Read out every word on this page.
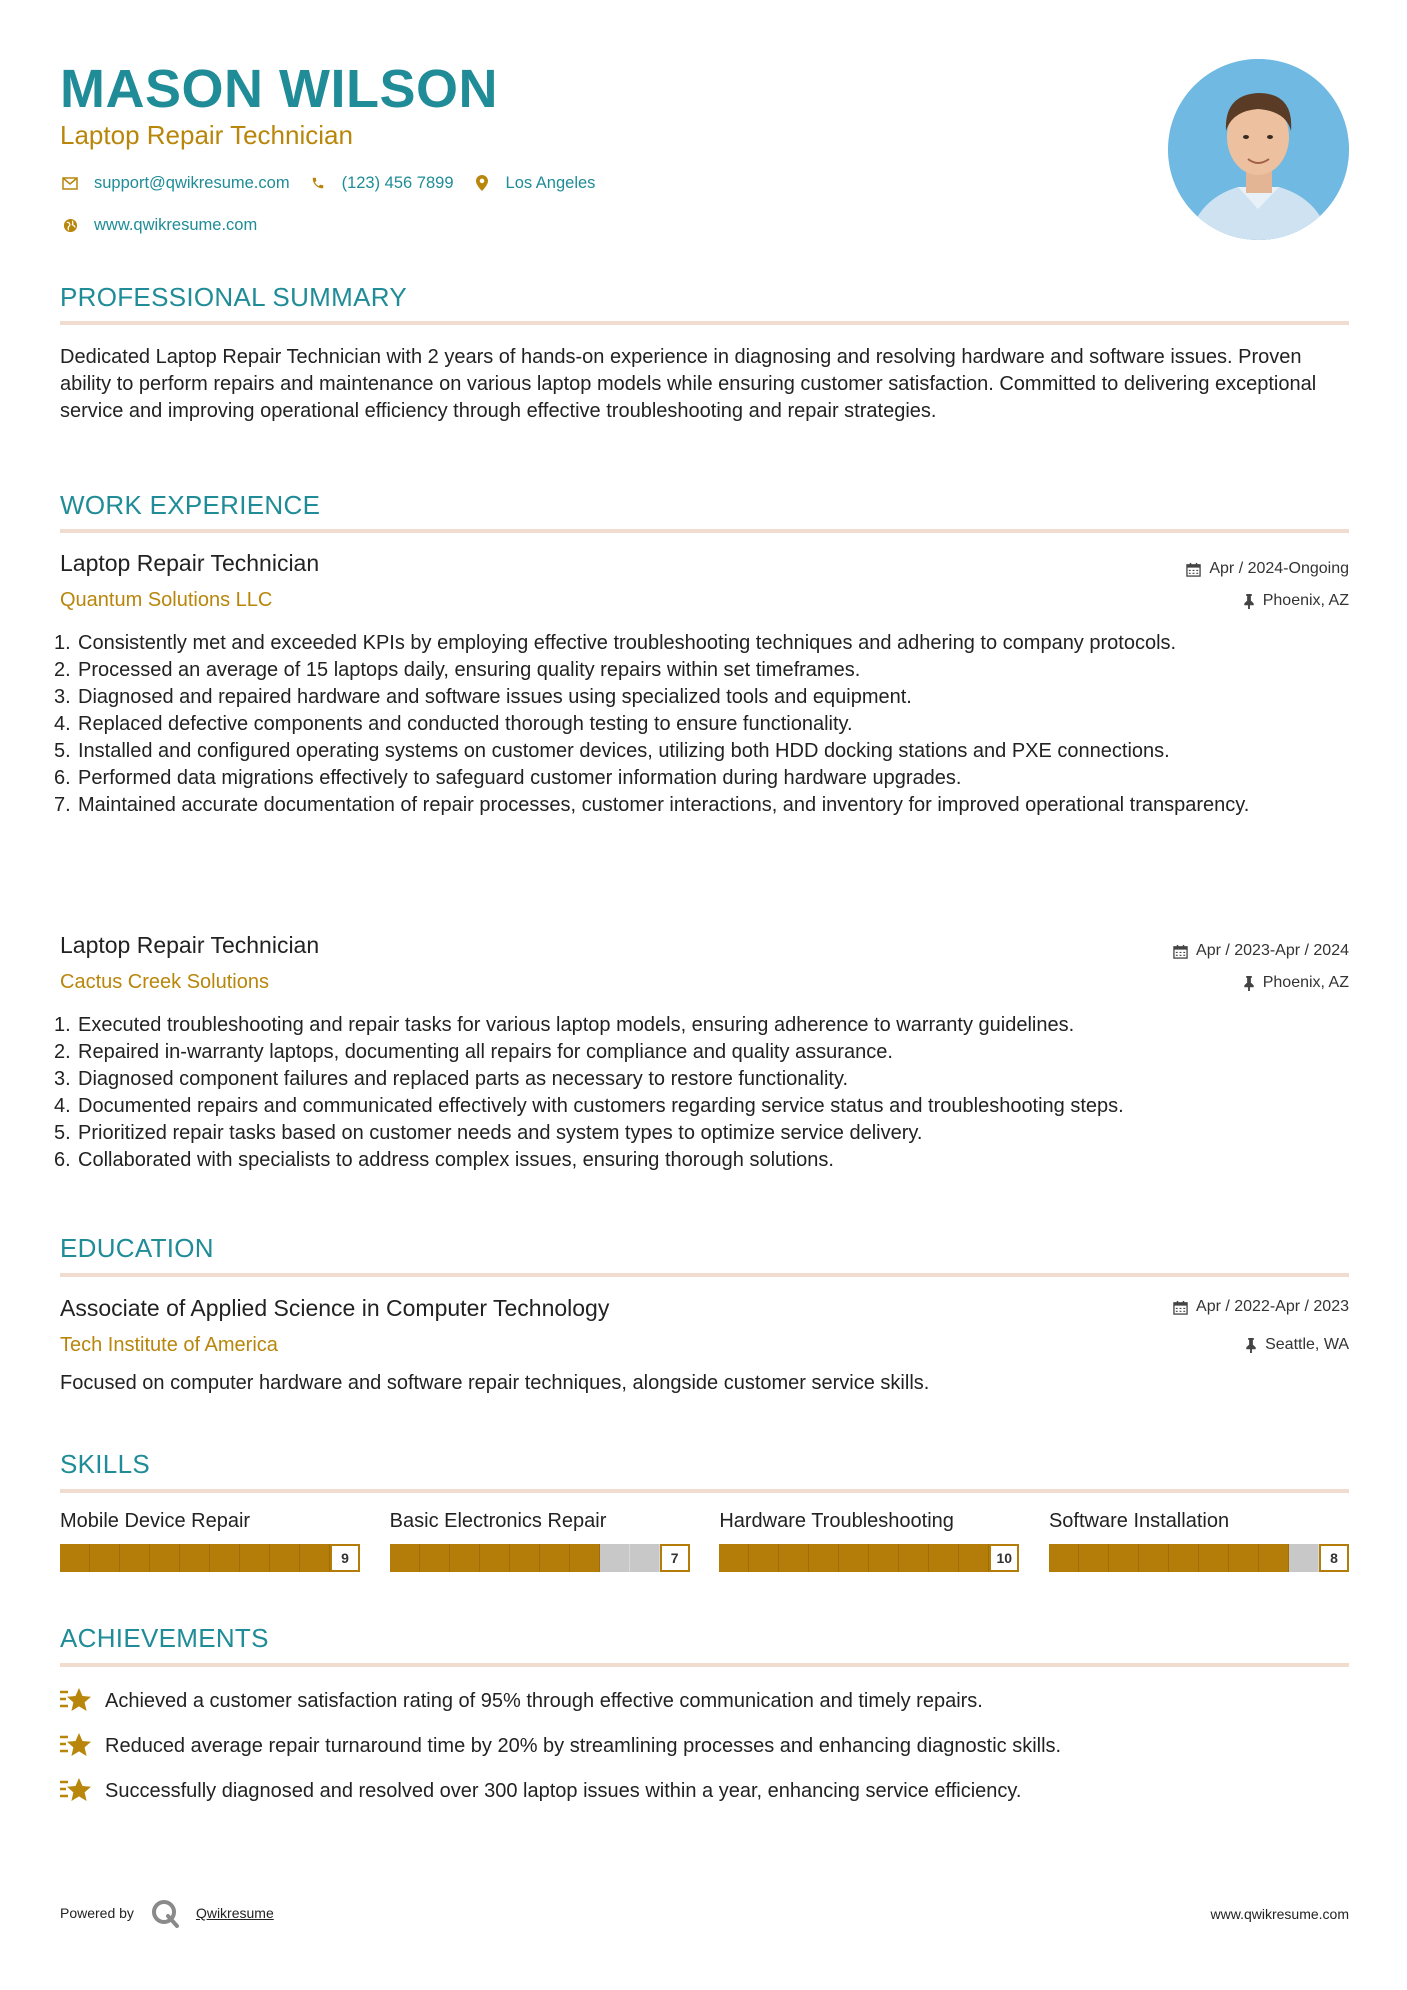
MASON WILSON
Laptop Repair Technician
support@qwikresume.com	(123) 456 7899	Los Angeles
www.qwikresume.com
PROFESSIONAL SUMMARY
Dedicated Laptop Repair Technician with 2 years of hands-on experience in diagnosing and resolving hardware and software issues. Proven ability to perform repairs and maintenance on various laptop models while ensuring customer satisfaction. Committed to delivering exceptional service and improving operational efficiency through effective troubleshooting and repair strategies.
WORK EXPERIENCE
Laptop Repair Technician	Apr / 2024-Ongoing
Quantum Solutions LLC	Phoenix, AZ
1. Consistently met and exceeded KPIs by employing effective troubleshooting techniques and adhering to company protocols.
2. Processed an average of 15 laptops daily, ensuring quality repairs within set timeframes.
3. Diagnosed and repaired hardware and software issues using specialized tools and equipment.
4. Replaced defective components and conducted thorough testing to ensure functionality.
5. Installed and configured operating systems on customer devices, utilizing both HDD docking stations and PXE connections.
6. Performed data migrations effectively to safeguard customer information during hardware upgrades.
7. Maintained accurate documentation of repair processes, customer interactions, and inventory for improved operational transparency.
Laptop Repair Technician	Apr / 2023-Apr / 2024
Cactus Creek Solutions	Phoenix, AZ
1. Executed troubleshooting and repair tasks for various laptop models, ensuring adherence to warranty guidelines.
2. Repaired in-warranty laptops, documenting all repairs for compliance and quality assurance.
3. Diagnosed component failures and replaced parts as necessary to restore functionality.
4. Documented repairs and communicated effectively with customers regarding service status and troubleshooting steps.
5. Prioritized repair tasks based on customer needs and system types to optimize service delivery.
6. Collaborated with specialists to address complex issues, ensuring thorough solutions.
EDUCATION
Associate of Applied Science in Computer Technology	Apr / 2022-Apr / 2023
Tech Institute of America	Seattle, WA
Focused on computer hardware and software repair techniques, alongside customer service skills.
SKILLS
Mobile Device Repair
9
Basic Electronics Repair
7
Hardware Troubleshooting
10
Software Installation
8
ACHIEVEMENTS
Achieved a customer satisfaction rating of 95% through effective communication and timely repairs.
Reduced average repair turnaround time by 20% by streamlining processes and enhancing diagnostic skills.
Successfully diagnosed and resolved over 300 laptop issues within a year, enhancing service efficiency.
Powered by	Qwikresume	www.qwikresume.com
